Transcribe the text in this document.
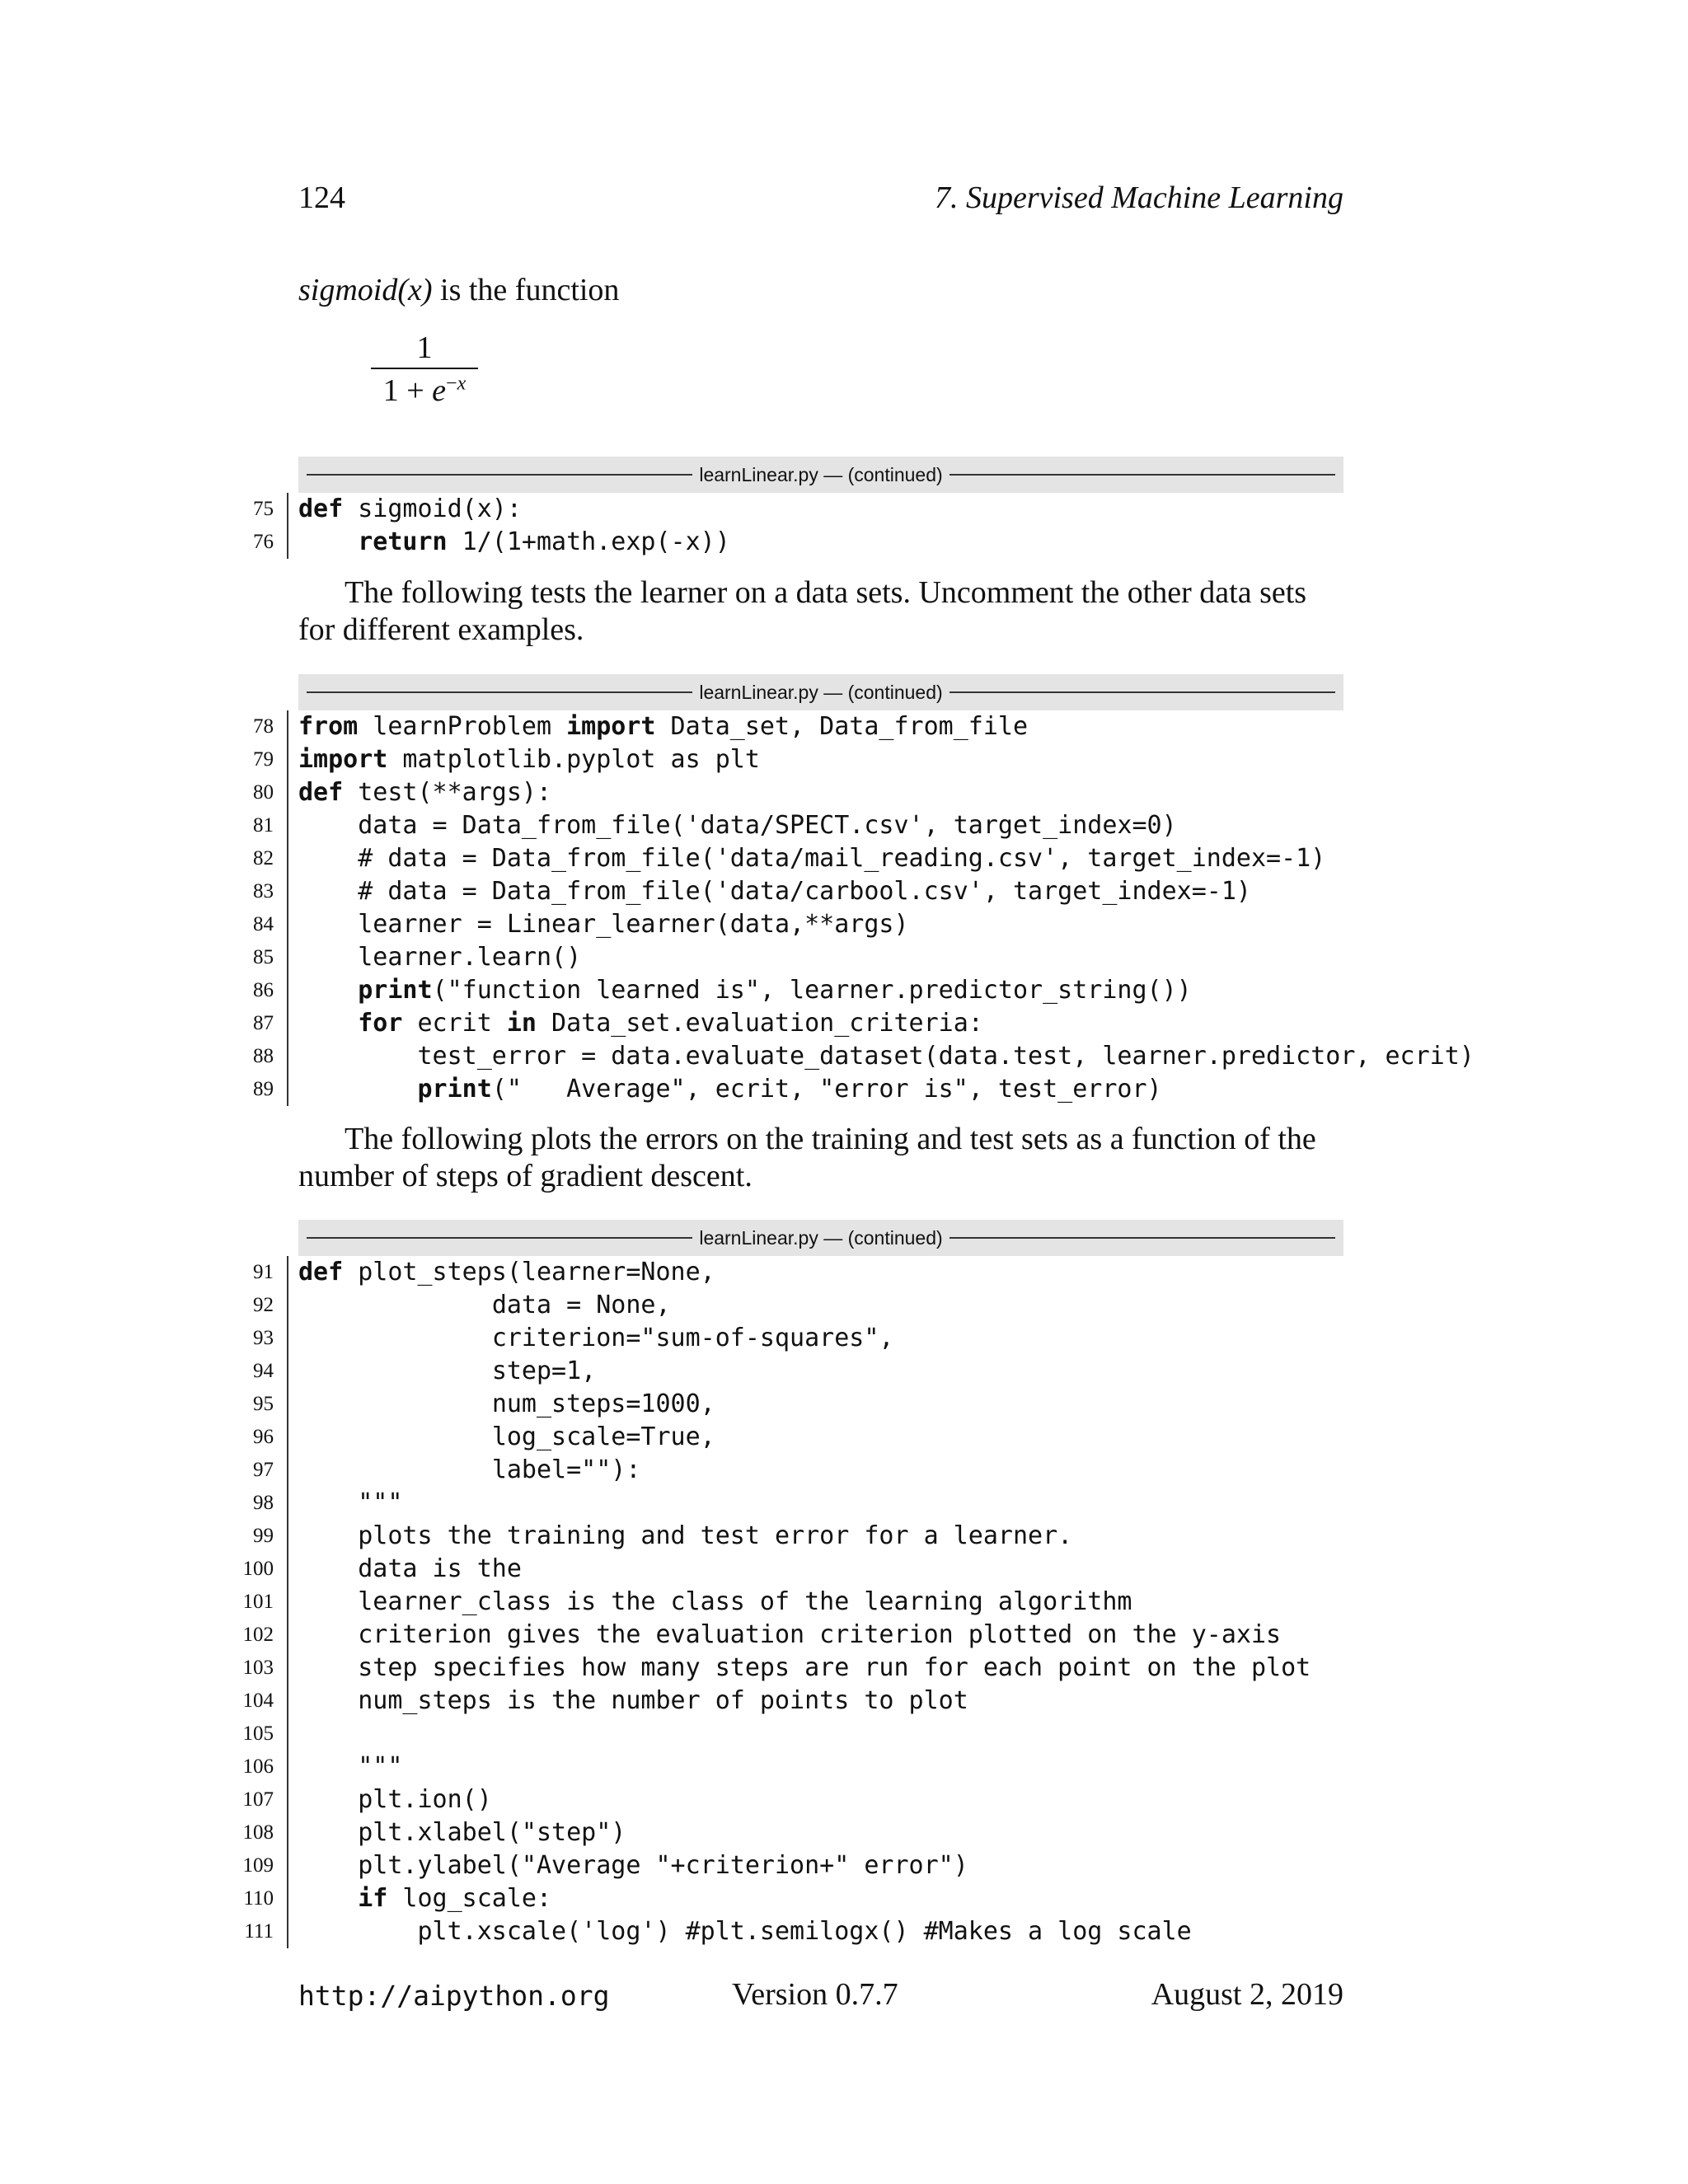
124	7. Supervised Machine Learning
sigmoid(x) is the function
$\frac{1}{1 + e^{-x}}$
learnLinear.py — (continued)
75	def sigmoid(x):
76	return 1/(1+math.exp(-x))
The following tests the learner on a data sets. Uncomment the other data sets for different examples.
learnLinear.py — (continued)
78	from learnProblem import Data_set, Data_from_file
79	import matplotlib.pyplot as plt
80	def test(**args):
81	data = Data_from_file('data/SPECT.csv', target_index=0)
82	# data = Data_from_file('data/mail_reading.csv', target_index=-1)
83	# data = Data_from_file('data/carbool.csv', target_index=-1)
84	learner = Linear_learner(data,**args)
85	learner.learn()
86	print("function learned is", learner.predictor_string())
87	for ecrit in Data_set.evaluation_criteria:
88	test_error = data.evaluate_dataset(data.test, learner.predictor, ecrit)
89	print("   Average", ecrit, "error is", test_error)
The following plots the errors on the training and test sets as a function of the number of steps of gradient descent.
learnLinear.py — (continued)
91	def plot_steps(learner=None,
92	data = None,
93	criterion="sum-of-squares",
94	step=1,
95	num_steps=1000,
96	log_scale=True,
97	label=""):
98	"""
99	plots the training and test error for a learner.
100	data is the
101	learner_class is the class of the learning algorithm
102	criterion gives the evaluation criterion plotted on the y-axis
103	step specifies how many steps are run for each point on the plot
104	num_steps is the number of points to plot
105
106	"""
107	plt.ion()
108	plt.xlabel("step")
109	plt.ylabel("Average "+criterion+" error")
110	if log_scale:
111	plt.xscale('log') #plt.semilogx() #Makes a log scale
http://aipython.org	Version 0.7.7	August 2, 2019
